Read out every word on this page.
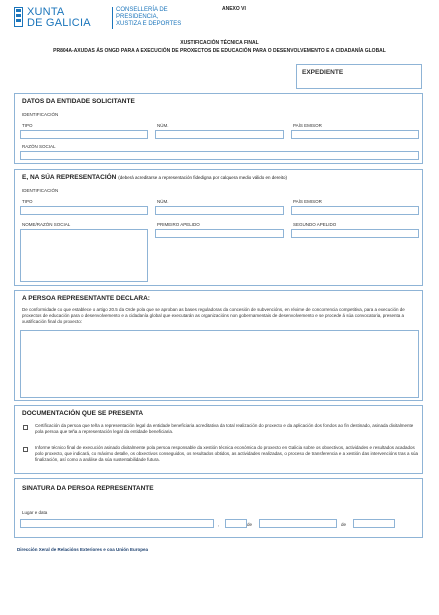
XUNTA
DE GALICIA
CONSELLERÍA DE
PRESIDENCIA,
XUSTIZA E DEPORTES
ANEXO VI
XUSTIFICACIÓN TÉCNICA FINAL
PR804A-AXUDAS ÁS ONGD PARA A EXECUCIÓN DE PROXECTOS DE EDUCACIÓN PARA O DESENVOLVEMENTO E A CIDADANÍA GLOBAL
EXPEDIENTE
DATOS DA ENTIDADE SOLICITANTE
IDENTIFICACIÓN
TIPO	NÚM.	PAÍS EMISOR
RAZÓN SOCIAL
E, NA SÚA REPRESENTACIÓN (deberá acreditarse a representación fidedigna por calquera medio válido en dereito)
IDENTIFICACIÓN
TIPO	NÚM.	PAÍS EMISOR
NOME/RAZÓN SOCIAL	PRIMEIRO APELIDO	SEGUNDO APELIDO
A PERSOA REPRESENTANTE DECLARA:
De conformidade co que establece o artigo 20.5 da Orde pola que se aproban as bases reguladoras da concesión de subvencións, en réxime de concorrencia competitiva, para a execución de proxectos de educación para o desenvolvemento e a cidadanía global que executarán as organizacións non gobernamentais de desenvolvemento e se procede á súa convocatoria, presenta a xustificación final do proxecto:
DOCUMENTACIÓN QUE SE PRESENTA
Certificación da persoa que teña a representación legal da entidade beneficiaria acreditativa da total realización do proxecto e da aplicación dos fondos ao fin destinado, asinada dixitalmente pola persoa que teña a representación legal da entidade beneficiaria.
Informe técnico final de execución asinado dixitalmente pola persoa responsable da xestión técnica económica do proxecto en Galicia sobre os obxectivos, actividades e resultados acadados polo proxecto, que indicará, co máximo detalle, os obxectivos conseguidos, os resultados obtidos, as actividades realizadas, o proceso de transferencia e a xestión das intervencións tras a súa finalización, así como a análise da súa sustentabilidade futura.
SINATURA DA PERSOA REPRESENTANTE
Lugar e data
,	de	de
Dirección Xeral de Relacións Exteriores e coa Unión Europea
